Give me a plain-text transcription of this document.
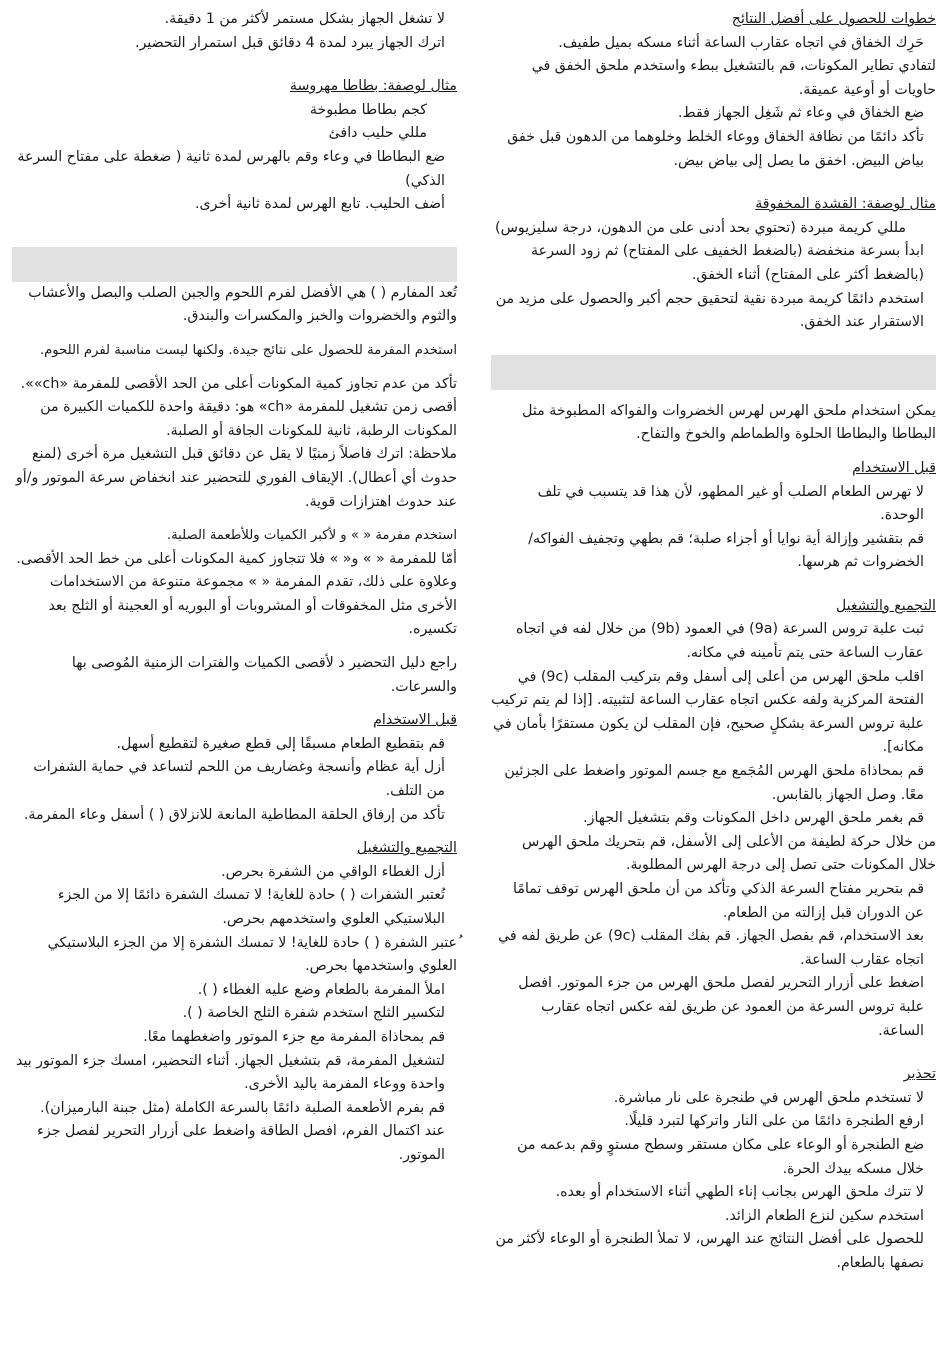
خطوات للحصول على أفضل النتائج

حَرِك الخفاق في اتجاه عقارب الساعة أثناء مسكه بميل طفيف.

لتفادي تطاير المكونات، قم بالتشغيل ببطء واستخدم ملحق الخفق في حاويات أو أوعية عميقة.

ضع الخفاق في وعاء ثم شَغِل الجهاز فقط.

تأكد دائمًا من نظافة الخفاق ووعاء الخلط وخلوهما من الدهون قبل خفق بياض البيض. اخفق ما يصل إلى بياض بيض.

مثال لوصفة: القشدة المخفوقة

مللي كريمة مبردة (تحتوي بحد أدنى على من الدهون، درجة سليزيوس)

ابدأ بسرعة منخفضة (بالضغط الخفيف على المفتاح) ثم زود السرعة (بالضغط أكثر على المفتاح) أثناء الخفق.

استخدم دائمًا كريمة مبردة نقية لتحقيق حجم أكبر والحصول على مزيد من الاستقرار عند الخفق.

يمكن استخدام ملحق الهرس لهرس الخضروات والفواكه المطبوخة مثل البطاطا والبطاطا الحلوة والطماطم والخوخ والتفاح.

قبل الاستخدام

لا تهرس الطعام الصلب أو غير المطهو، لأن هذا قد يتسبب في تلف الوحدة.

قم بتقشير وإزالة أية نوايا أو أجزاء صلبة؛ قم بطهي وتجفيف الفواكه/ الخضروات ثم هرسها.

التجميع والتشغيل

ثبت علبة تروس السرعة (9a) في العمود (9b) من خلال لفه في اتجاه عقارب الساعة حتى يتم تأمينه في مكانه.

اقلب ملحق الهرس من أعلى إلى أسفل وقم بتركيب المقلب (9c) في الفتحة المركزية ولفه عكس اتجاه عقارب الساعة لتثبيته. [إذا لم يتم تركيب علبة تروس السرعة بشكلٍ صحيح، فإن المقلب لن يكون مستقرًا بأمان في مكانه].

قم بمحاذاة ملحق الهرس المُجَمع مع جسم الموتور واضغط على الجزئين معًا. وصل الجهاز بالقابس.

قم بغمر ملحق الهرس داخل المكونات وقم بتشغيل الجهاز.

من خلال حركة لطيفة من الأعلى إلى الأسفل، قم بتحريك ملحق الهرس خلال المكونات حتى تصل إلى درجة الهرس المطلوبة.

قم بتحرير مفتاح السرعة الذكي وتأكد من أن ملحق الهرس توقف تمامًا عن الدوران قبل إزالته من الطعام.

بعد الاستخدام، قم بفصل الجهاز. قم بفك المقلب (9c) عن طريق لفه في اتجاه عقارب الساعة.

اضغط على أزرار التحرير لفصل ملحق الهرس من جزء الموتور. افصل علبة تروس السرعة من العمود عن طريق لفه عكس اتجاه عقارب الساعة.

تحذير

لا تستخدم ملحق الهرس في طنجرة على نار مباشرة.

ارفع الطنجرة دائمًا من على النار واتركها لتبرد قليلًا.

ضع الطنجرة أو الوعاء على مكان مستقر وسطح مستوٍ وقم بدعمه من خلال مسكه بيدك الحرة.

لا تترك ملحق الهرس بجانب إناء الطهي أثناء الاستخدام أو بعده.

استخدم سكين لنزع الطعام الزائد.

للحصول على أفضل النتائج عند الهرس، لا تملأ الطنجرة أو الوعاء لأكثر من نصفها بالطعام.

لا تشغل الجهاز بشكل مستمر لأكثر من 1 دقيقة.

اترك الجهاز يبرد لمدة 4 دقائق قبل استمرار التحضير.

مثال لوصفة: بطاطا مهروسة

كجم بطاطا مطبوخة

مللي حليب دافئ

ضع البطاطا في وعاء وقم بالهرس لمدة ثانية ( ضغطة على مفتاح السرعة الذكي)

أضف الحليب. تابع الهرس لمدة ثانية أخرى.

تُعد المفارم ( ) هي الأفضل لفرم اللحوم والجبن الصلب والبصل والأعشاب والثوم والخضروات والخبز والمكسرات والبندق.

استخدم المفرمة للحصول على نتائج جيدة. ولكنها ليست مناسبة لفرم اللحوم.

تأكد من عدم تجاوز كمية المكونات أعلى من الحد الأقصى للمفرمة «ch»».

أقصى زمن تشغيل للمفرمة «ch» هو: دقيقة واحدة للكميات الكبيرة من المكونات الرطبة، ثانية للمكونات الجافة أو الصلبة.

ملاحظة: اترك فاصلاً زمنيًا لا يقل عن دقائق قبل التشغيل مرة أخرى (لمنع حدوث أي أعطال). الإيقاف الفوري للتحضير عند انخفاض سرعة الموتور و/أو عند حدوث اهتزازات قوية.

استخدم مفرمة « » و لأكبر الكميات وللأطعمة الصلبة.

أمّا للمفرمة « » و« » فلا تتجاوز كمية المكونات أعلى من خط الحد الأقصى.

وعلاوة على ذلك، تقدم المفرمة « » مجموعة متنوعة من الاستخدامات الأخرى مثل المخفوقات أو المشروبات أو البوريه أو العجينة أو الثلج بعد تكسيره.

راجع دليل التحضير د لأقصى الكميات والفترات الزمنية المُوصى بها والسرعات.

قبل الاستخدام

قم بتقطيع الطعام مسبقًا إلى قطع صغيرة لتقطيع أسهل.

أزل أية عظام وأنسجة وغضاريف من اللحم لتساعد في حماية الشفرات من التلف.

تأكد من إرفاق الحلقة المطاطية المانعة للانزلاق ( ) أسفل وعاء المفرمة.

التجميع والتشغيل

أزل الغطاء الواقي من الشفرة بحرص.

تُعتبر الشفرات ( ) حادة للغاية! لا تمسك الشفرة دائمًا إلا من الجزء البلاستيكي العلوي واستخدمهم بحرص.

ُعتبر الشفرة ( ) حادة للغاية! لا تمسك الشفرة إلا من الجزء البلاستيكي العلوي واستخدمها بحرص.

املأ المفرمة بالطعام وضع عليه الغطاء ( ).

لتكسير الثلج استخدم شفرة الثلج الخاصة ( ).

قم بمحاذاة المفرمة مع جزء الموتور واضغطهما معًا.

لتشغيل المفرمة، قم بتشغيل الجهاز. أثناء التحضير، امسك جزء الموتور بيد واحدة ووعاء المفرمة باليد الأخرى.

قم بفرم الأطعمة الصلبة دائمًا بالسرعة الكاملة (مثل جبنة البارميزان).

عند اكتمال الفرم، افصل الطاقة واضغط على أزرار التحرير لفصل جزء الموتور.
